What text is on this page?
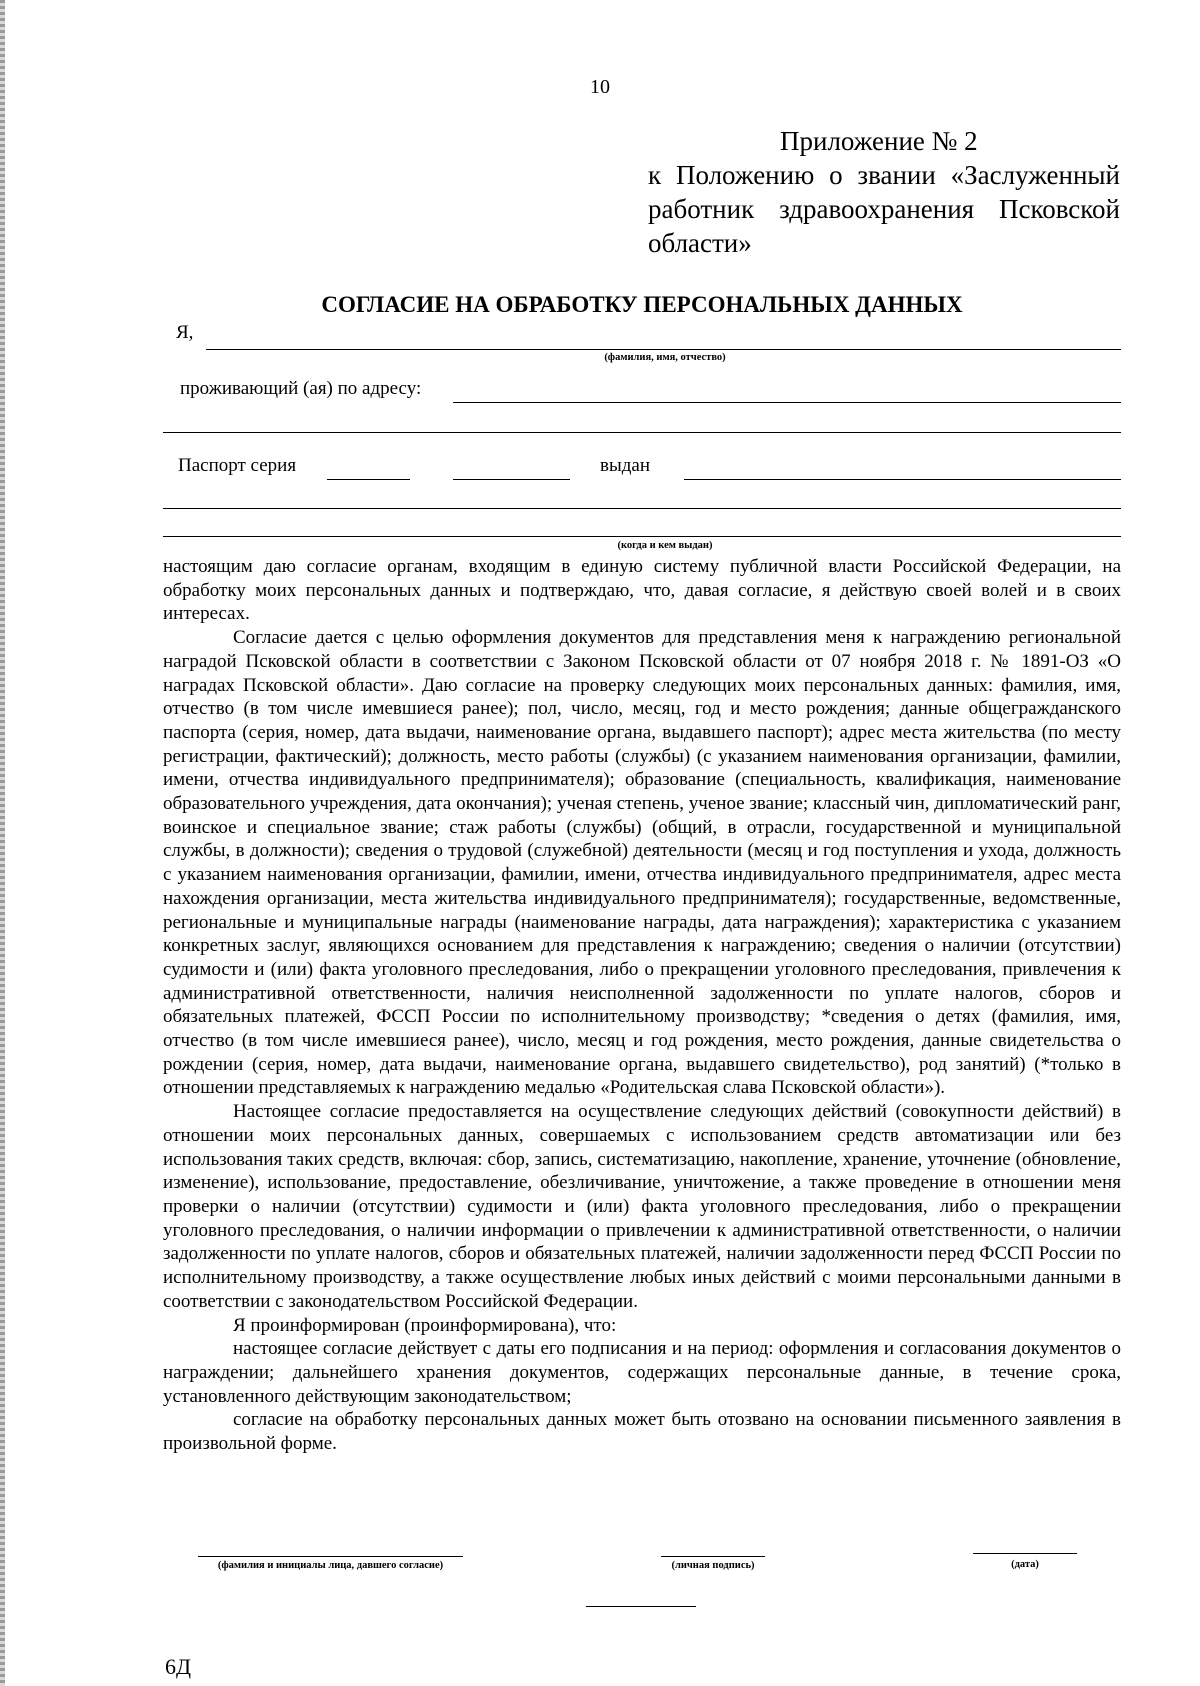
10
Приложение № 2
к Положению о звании «Заслуженный
работник здравоохранения Псковской
области»
СОГЛАСИЕ НА ОБРАБОТКУ ПЕРСОНАЛЬНЫХ ДАННЫХ
Я,
(фамилия, имя, отчество)
проживающий (ая) по адресу:
Паспорт серия	выдан
(когда и кем выдан)

настоящим даю согласие органам, входящим в единую систему публичной власти Российской Федерации, на обработку моих персональных данных и подтверждаю, что, давая согласие, я действую своей волей и в своих интересах.

Согласие дается с целью оформления документов для представления меня к награждению региональной наградой Псковской области в соответствии с Законом Псковской области от 07 ноября 2018 г. № 1891-ОЗ «О наградах Псковской области». Даю согласие на проверку следующих моих персональных данных: фамилия, имя, отчество (в том числе имевшиеся ранее); пол, число, месяц, год и место рождения; данные общегражданского паспорта (серия, номер, дата выдачи, наименование органа, выдавшего паспорт); адрес места жительства (по месту регистрации, фактический); должность, место работы (службы) (с указанием наименования организации, фамилии, имени, отчества индивидуального предпринимателя); образование (специальность, квалификация, наименование образовательного учреждения, дата окончания); ученая степень, ученое звание; классный чин, дипломатический ранг, воинское и специальное звание; стаж работы (службы) (общий, в отрасли, государственной и муниципальной службы, в должности); сведения о трудовой (служебной) деятельности (месяц и год поступления и ухода, должность с указанием наименования организации, фамилии, имени, отчества индивидуального предпринимателя, адрес места нахождения организации, места жительства индивидуального предпринимателя); государственные, ведомственные, региональные и муниципальные награды (наименование награды, дата награждения); характеристика с указанием конкретных заслуг, являющихся основанием для представления к награждению; сведения о наличии (отсутствии) судимости и (или) факта уголовного преследования, либо о прекращении уголовного преследования, привлечения к административной ответственности, наличия неисполненной задолженности по уплате налогов, сборов и обязательных платежей, ФССП России по исполнительному производству; *сведения о детях (фамилия, имя, отчество (в том числе имевшиеся ранее), число, месяц и год рождения, место рождения, данные свидетельства о рождении (серия, номер, дата выдачи, наименование органа, выдавшего свидетельство), род занятий) (*только в отношении представляемых к награждению медалью «Родительская слава Псковской области»).

Настоящее согласие предоставляется на осуществление следующих действий (совокупности действий) в отношении моих персональных данных, совершаемых с использованием средств автоматизации или без использования таких средств, включая: сбор, запись, систематизацию, накопление, хранение, уточнение (обновление, изменение), использование, предоставление, обезличивание, уничтожение, а также проведение в отношении меня проверки о наличии (отсутствии) судимости и (или) факта уголовного преследования, либо о прекращении уголовного преследования, о наличии информации о привлечении к административной ответственности, о наличии задолженности по уплате налогов, сборов и обязательных платежей, наличии задолженности перед ФССП России по исполнительному производству, а также осуществление любых иных действий с моими персональными данными в соответствии с законодательством Российской Федерации.

Я проинформирован (проинформирована), что:

настоящее согласие действует с даты его подписания и на период: оформления и согласования документов о награждении; дальнейшего хранения документов, содержащих персональные данные, в течение срока, установленного действующим законодательством;

согласие на обработку персональных данных может быть отозвано на основании письменного заявления в произвольной форме.

(фамилия и инициалы лица, давшего согласие)	(личная подпись)	(дата)
6Д
